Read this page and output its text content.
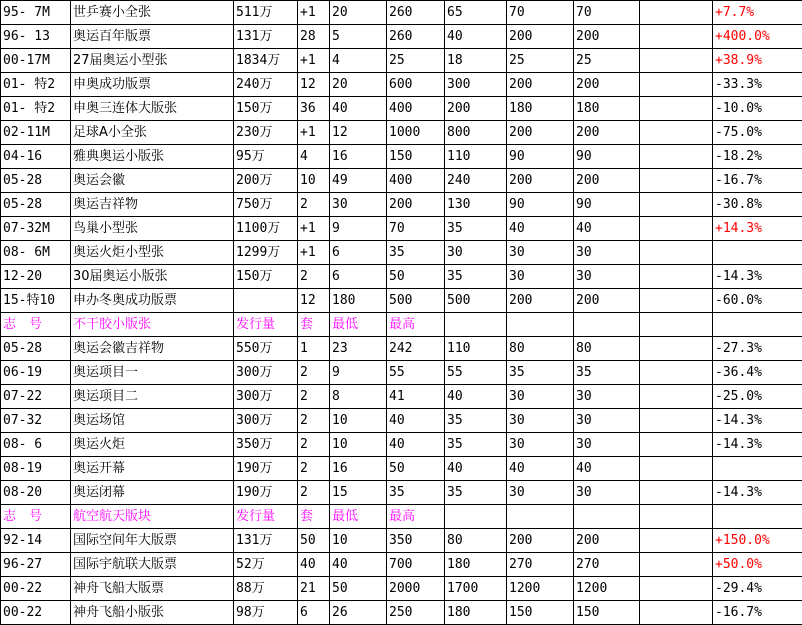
95- 7M	世乒赛小全张	511万	+1	20	260	65	70	70		+7.7%
96- 13	奥运百年版票	131万	28	5	260	40	200	200		+400.0%
00-17M	27届奥运小型张	1834万	+1	4	25	18	25	25		+38.9%
01- 特2	申奥成功版票	240万	12	20	600	300	200	200		-33.3%
01- 特2	申奥三连体大版张	150万	36	40	400	200	180	180		-10.0%
02-11M	足球A小全张	230万	+1	12	1000	800	200	200		-75.0%
04-16	雅典奥运小版张	95万	4	16	150	110	90	90		-18.2%
05-28	奥运会徽	200万	10	49	400	240	200	200		-16.7%
05-28	奥运吉祥物	750万	2	30	200	130	90	90		-30.8%
07-32M	鸟巢小型张	1100万	+1	9	70	35	40	40		+14.3%
08- 6M	奥运火炬小型张	1299万	+1	6	35	30	30	30		
12-20	30届奥运小版张	150万	2	6	50	35	30	30		-14.3%
15-特10	申办冬奥成功版票		12	180	500	500	200	200		-60.0%
志　号	不干胶小版张	发行量	套	最低	最高					
05-28	奥运会徽吉祥物	550万	1	23	242	110	80	80		-27.3%
06-19	奥运项目一	300万	2	9	55	55	35	35		-36.4%
07-22	奥运项目二	300万	2	8	41	40	30	30		-25.0%
07-32	奥运场馆	300万	2	10	40	35	30	30		-14.3%
08- 6	奥运火炬	350万	2	10	40	35	30	30		-14.3%
08-19	奥运开幕	190万	2	16	50	40	40	40		
08-20	奥运闭幕	190万	2	15	35	35	30	30		-14.3%
志　号	航空航天版块	发行量	套	最低	最高					
92-14	国际空间年大版票	131万	50	10	350	80	200	200		+150.0%
96-27	国际宇航联大版票	52万	40	40	700	180	270	270		+50.0%
00-22	神舟飞船大版票	88万	21	50	2000	1700	1200	1200		-29.4%
00-22	神舟飞船小版张	98万	6	26	250	180	150	150		-16.7%
